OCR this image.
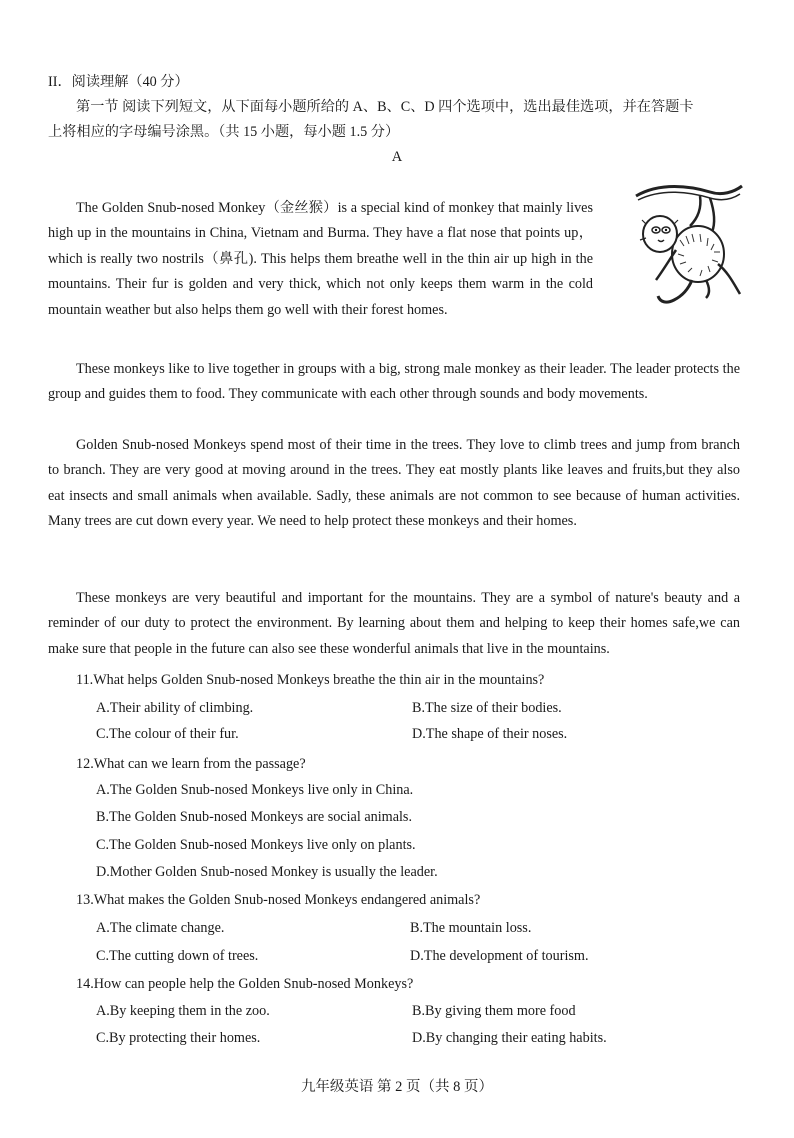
II．阅读理解（40 分）
第一节 阅读下列短文，从下面每小题所给的 A、B、C、D 四个选项中，选出最佳选项，并在答题卡
上将相应的字母编号涂黑。（共 15 小题，每小题 1.5 分）
A

The Golden Snub-nosed Monkey（金丝猴）is a special kind of monkey that mainly lives high up in the mountains in China, Vietnam and Burma. They have a flat nose that points up， which is really two nostrils（鼻孔). This helps them breathe well in the thin air up high in the mountains. Their fur is golden and very thick, which not only keeps them warm in the cold mountain weather but also helps them go well with their forest homes.

These monkeys like to live together in groups with a big, strong male monkey as their leader. The leader protects the group and guides them to food. They communicate with each other through sounds and body movements.

Golden Snub-nosed Monkeys spend most of their time in the trees. They love to climb trees and jump from branch to branch. They are very good at moving around in the trees. They eat mostly plants like leaves and fruits,but they also eat insects and small animals when available. Sadly, these animals are not common to see because of human activities. Many trees are cut down every year. We need to help protect these monkeys and their homes.

These monkeys are very beautiful and important for the mountains. They are a symbol of nature's beauty and a reminder of our duty to protect the environment. By learning about them and helping to keep their homes safe,we can make sure that people in the future can also see these wonderful animals that live in the mountains.

11.What helps Golden Snub-nosed Monkeys breathe the thin air in the mountains?
A.Their ability of climbing.	B.The size of their bodies.
C.The colour of their fur.	D.The shape of their noses.
12.What can we learn from the passage?
A.The Golden Snub-nosed Monkeys live only in China.
B.The Golden Snub-nosed Monkeys are social animals.
C.The Golden Snub-nosed Monkeys live only on plants.
D.Mother Golden Snub-nosed Monkey is usually the leader.
13.What makes the Golden Snub-nosed Monkeys endangered animals?
A.The climate change.	B.The mountain loss.
C.The cutting down of trees.	D.The development of tourism.
14.How can people help the Golden Snub-nosed Monkeys?
A.By keeping them in the zoo.	B.By giving them more food
C.By protecting their homes.	D.By changing their eating habits.
九年级英语 第 2 页（共 8 页）
